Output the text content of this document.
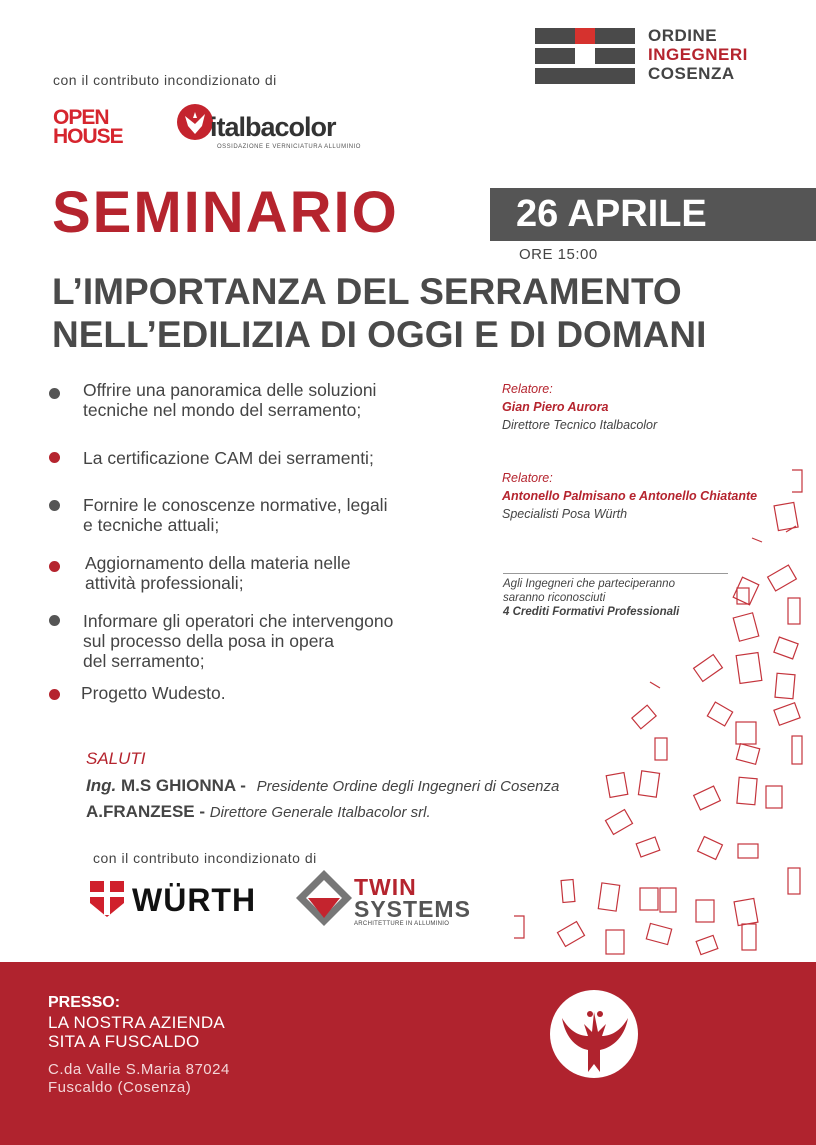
ORDINE
INGEGNERI
COSENZA
con il contributo incondizionato di
OPEN
HOUSE	italbacolor
OSSIDAZIONE E VERNICIATURA ALLUMINIO
SEMINARIO	26 APRILE
ORE 15:00
L’IMPORTANZA DEL SERRAMENTO
NELL’EDILIZIA DI OGGI E DI DOMANI
Offrire una panoramica delle soluzioni
tecniche nel mondo del serramento;
La certificazione CAM dei serramenti;
Fornire le conoscenze normative, legali
e tecniche attuali;
Aggiornamento della materia nelle
attività professionali;
Informare gli operatori che intervengono
sul processo della posa in opera
del serramento;
Progetto Wudesto.
Relatore:
Gian Piero Aurora
Direttore Tecnico Italbacolor
Relatore:
Antonello Palmisano e Antonello Chiatante
Specialisti Posa Würth
Agli Ingegneri che parteciperanno
saranno riconosciuti
4 Crediti Formativi Professionali
SALUTI
Ing. M.S GHIONNA - Presidente Ordine degli Ingegneri di Cosenza
A.FRANZESE - Direttore Generale Italbacolor srl.
con il contributo incondizionato di
WÜRTH	TWIN
SYSTEMS
ARCHITETTURE IN ALLUMINIO
PRESSO:
LA NOSTRA AZIENDA
SITA A FUSCALDO
C.da Valle S.Maria 87024
Fuscaldo (Cosenza)
